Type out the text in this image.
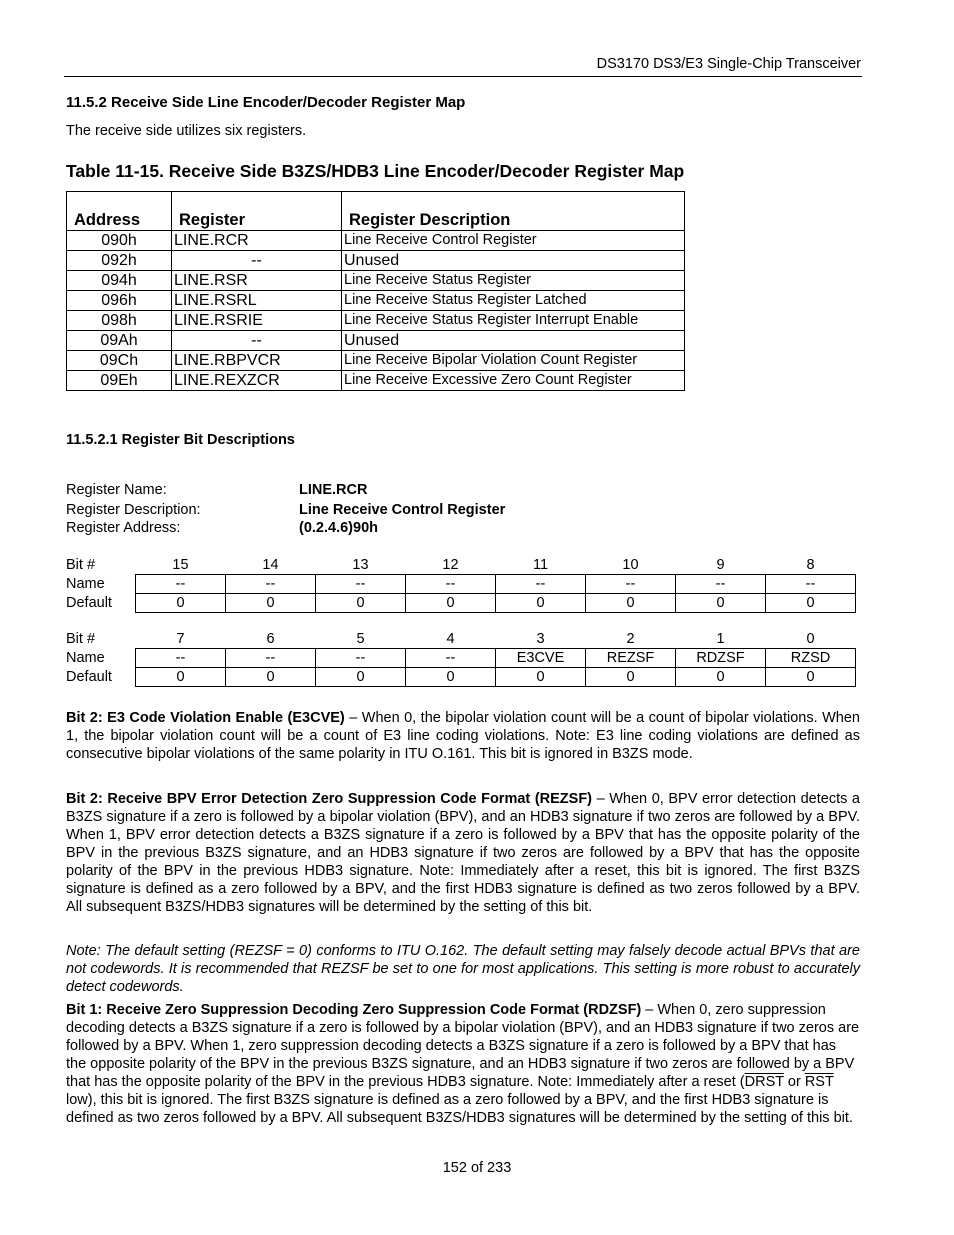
DS3170 DS3/E3 Single-Chip Transceiver
11.5.2 Receive Side Line Encoder/Decoder Register Map
The receive side utilizes six registers.
Table 11-15. Receive Side B3ZS/HDB3 Line Encoder/Decoder Register Map
Address	Register	Register Description
090h	LINE.RCR	Line Receive Control Register
092h	--	Unused
094h	LINE.RSR	Line Receive Status Register
096h	LINE.RSRL	Line Receive Status Register Latched
098h	LINE.RSRIE	Line Receive Status Register Interrupt Enable
09Ah	--	Unused
09Ch	LINE.RBPVCR	Line Receive Bipolar Violation Count Register
09Eh	LINE.REXZCR	Line Receive Excessive Zero Count Register
11.5.2.1 Register Bit Descriptions
Register Name:	LINE.RCR
Register Description:	Line Receive Control Register
Register Address:	(0.2.4.6)90h
Bit #	15	14	13	12	11	10	9	8
Name	--	--	--	--	--	--	--	--
Default	0	0	0	0	0	0	0	0
Bit #	7	6	5	4	3	2	1	0
Name	--	--	--	--	E3CVE	REZSF	RDZSF	RZSD
Default	0	0	0	0	0	0	0	0
Bit 2: E3 Code Violation Enable (E3CVE) – When 0, the bipolar violation count will be a count of bipolar violations. When 1, the bipolar violation count will be a count of E3 line coding violations. Note: E3 line coding violations are defined as consecutive bipolar violations of the same polarity in ITU O.161. This bit is ignored in B3ZS mode.
Bit 2: Receive BPV Error Detection Zero Suppression Code Format (REZSF) – When 0, BPV error detection detects a B3ZS signature if a zero is followed by a bipolar violation (BPV), and an HDB3 signature if two zeros are followed by a BPV. When 1, BPV error detection detects a B3ZS signature if a zero is followed by a BPV that has the opposite polarity of the BPV in the previous B3ZS signature, and an HDB3 signature if two zeros are followed by a BPV that has the opposite polarity of the BPV in the previous HDB3 signature. Note: Immediately after a reset, this bit is ignored. The first B3ZS signature is defined as a zero followed by a BPV, and the first HDB3 signature is defined as two zeros followed by a BPV. All subsequent B3ZS/HDB3 signatures will be determined by the setting of this bit.
Note: The default setting (REZSF = 0) conforms to ITU O.162. The default setting may falsely decode actual BPVs that are not codewords. It is recommended that REZSF be set to one for most applications. This setting is more robust to accurately detect codewords.
Bit 1: Receive Zero Suppression Decoding Zero Suppression Code Format (RDZSF) – When 0, zero suppression decoding detects a B3ZS signature if a zero is followed by a bipolar violation (BPV), and an HDB3 signature if two zeros are followed by a BPV. When 1, zero suppression decoding detects a B3ZS signature if a zero is followed by a BPV that has the opposite polarity of the BPV in the previous B3ZS signature, and an HDB3 signature if two zeros are followed by a BPV that has the opposite polarity of the BPV in the previous HDB3 signature. Note: Immediately after a reset (DRST or $\overline{RST}$ low), this bit is ignored. The first B3ZS signature is defined as a zero followed by a BPV, and the first HDB3 signature is defined as two zeros followed by a BPV. All subsequent B3ZS/HDB3 signatures will be determined by the setting of this bit.
152 of 233
